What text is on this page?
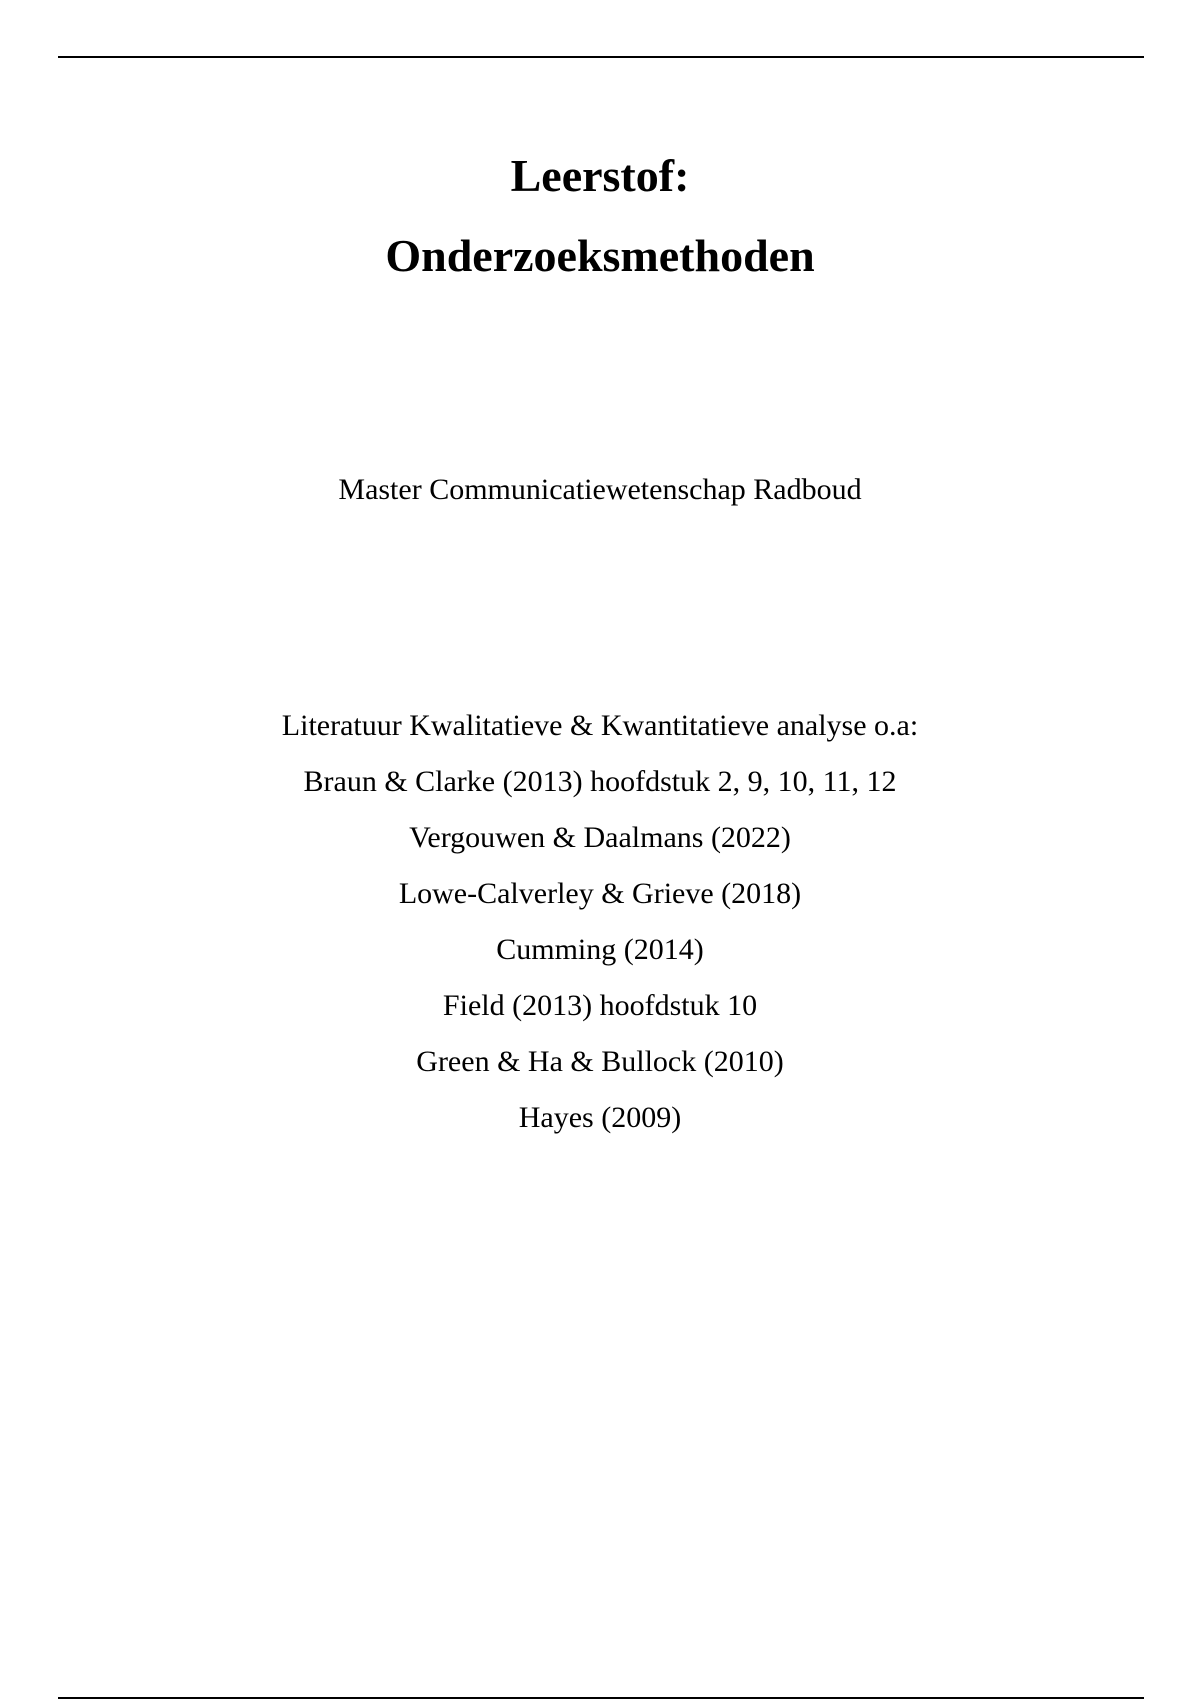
Leerstof:
Onderzoeksmethoden

Master Communicatiewetenschap Radboud

Literatuur Kwalitatieve & Kwantitatieve analyse o.a:
Braun & Clarke (2013) hoofdstuk 2, 9, 10, 11, 12
Vergouwen & Daalmans (2022)
Lowe-Calverley & Grieve (2018)
Cumming (2014)
Field (2013) hoofdstuk 10
Green & Ha & Bullock (2010)
Hayes (2009)
